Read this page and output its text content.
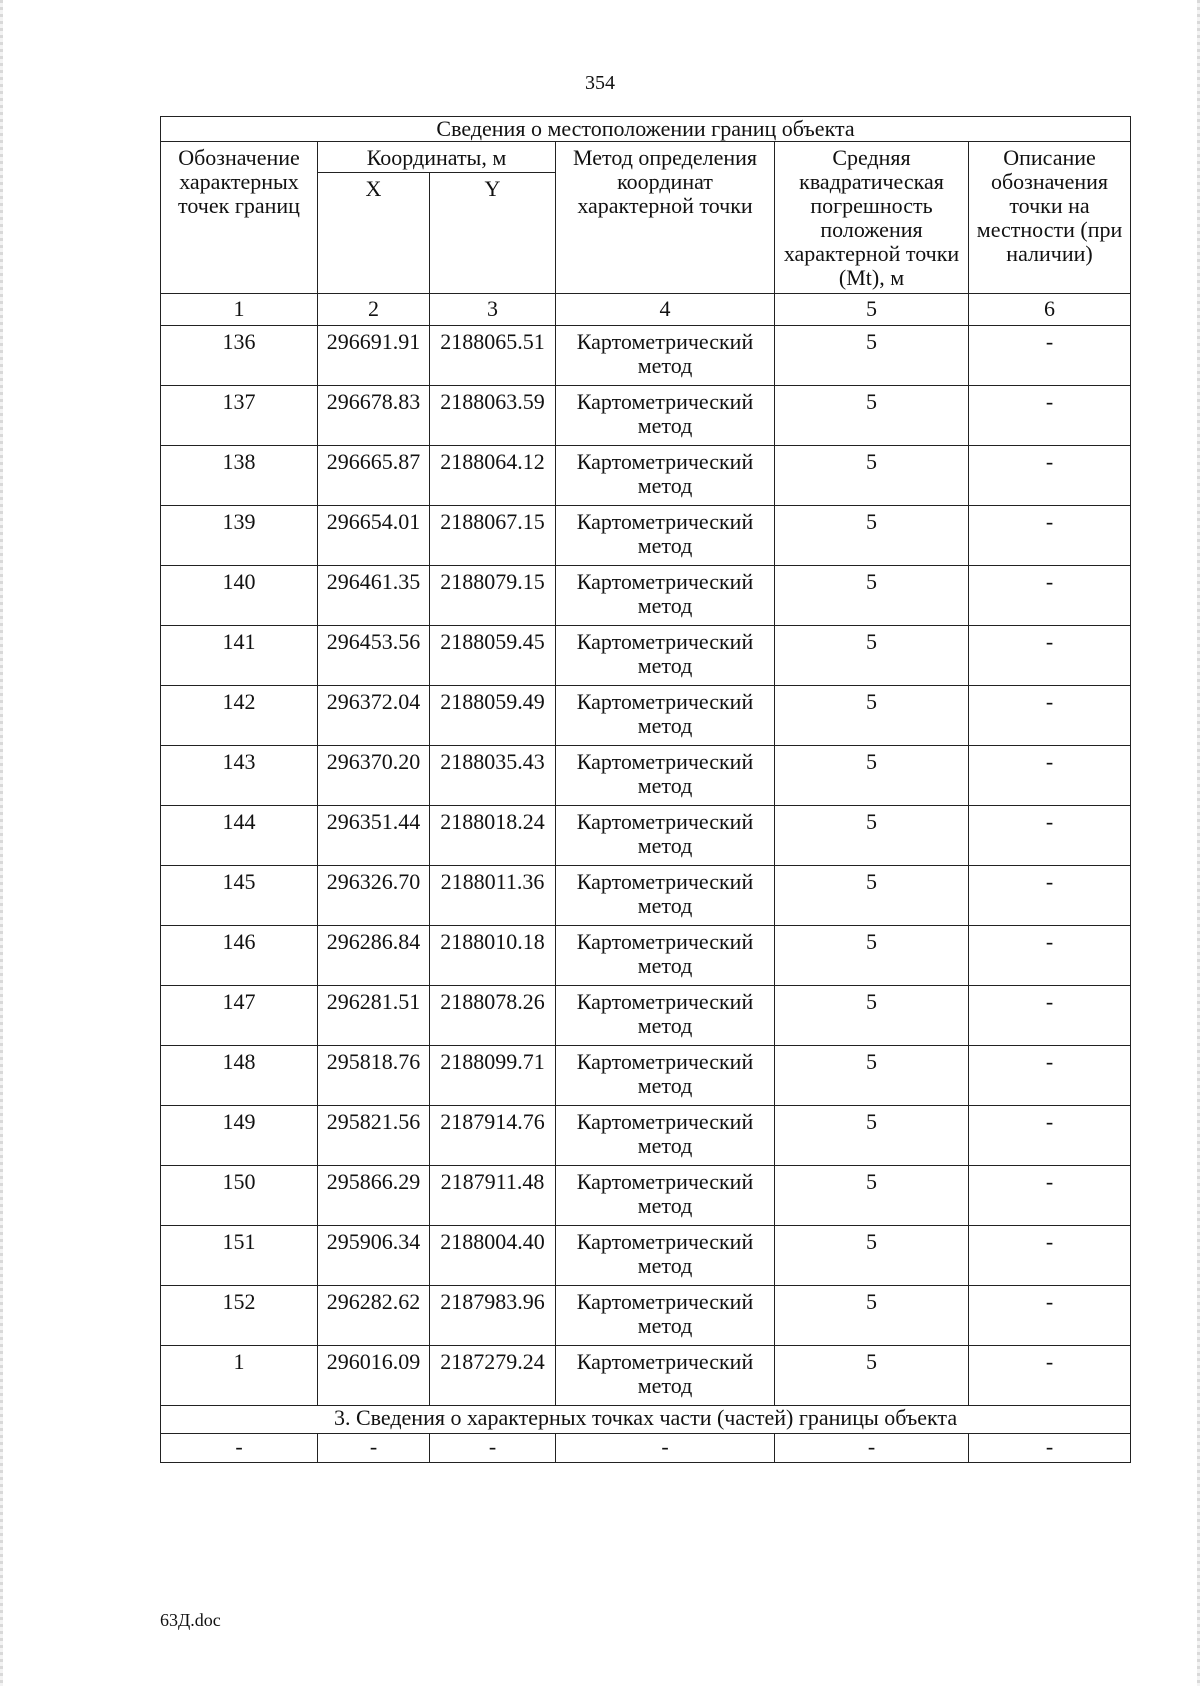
354
Сведения о местоположении границ объекта					
Обозначение характерных точек границ	Координаты, м		Метод определения координат характерной точки	Средняя квадратическая погрешность положения характерной точки (Mt), м	Описание обозначения точки на местности (при наличии)
	X	Y			
1	2	3	4	5	6
136	296691.91	2188065.51	Картометрический метод	5	-
137	296678.83	2188063.59	Картометрический метод	5	-
138	296665.87	2188064.12	Картометрический метод	5	-
139	296654.01	2188067.15	Картометрический метод	5	-
140	296461.35	2188079.15	Картометрический метод	5	-
141	296453.56	2188059.45	Картометрический метод	5	-
142	296372.04	2188059.49	Картометрический метод	5	-
143	296370.20	2188035.43	Картометрический метод	5	-
144	296351.44	2188018.24	Картометрический метод	5	-
145	296326.70	2188011.36	Картометрический метод	5	-
146	296286.84	2188010.18	Картометрический метод	5	-
147	296281.51	2188078.26	Картометрический метод	5	-
148	295818.76	2188099.71	Картометрический метод	5	-
149	295821.56	2187914.76	Картометрический метод	5	-
150	295866.29	2187911.48	Картометрический метод	5	-
151	295906.34	2188004.40	Картометрический метод	5	-
152	296282.62	2187983.96	Картометрический метод	5	-
1	296016.09	2187279.24	Картометрический метод	5	-
3. Сведения о характерных точках части (частей) границы объекта					
-	-	-	-	-	-
63Д.doc
